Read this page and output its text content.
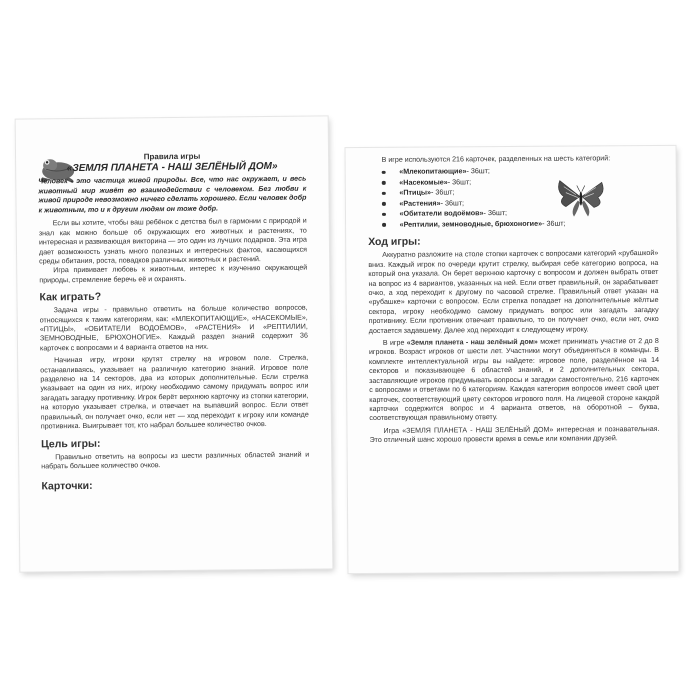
Правила игры
«ЗЕМЛЯ ПЛАНЕТА - НАШ ЗЕЛЁНЫЙ ДОМ»

Человек - это частица живой природы. Все, что нас окружает, и весь животный мир живёт во взаимодействии с человеком. Без любви к живой природе невозможно ничего сделать хорошего. Если человек добр к животным, то и к другим людям он тоже добр.

Если вы хотите, чтобы ваш ребёнок с детства был в гармонии с природой и знал как можно больше об окружающих его животных и растениях, то интересная и развивающая викторина — это один из лучших подарков. Эта игра дает возможность узнать много полезных и интересных фактов, касающихся среды обитания, роста, повадков различных животных и растений.

Игра прививает любовь к животным, интерес к изучению окружающей природы, стремление беречь её и охранять.

Как играть?

Задача игры - правильно ответить на больше количество вопросов, относящихся к таким категориям, как: «МЛЕКОПИТАЮЩИЕ», «НАСЕКОМЫЕ», «ПТИЦЫ», «ОБИТАТЕЛИ ВОДОЁМОВ», «РАСТЕНИЯ» И «РЕПТИЛИИ, ЗЕМНОВОДНЫЕ, БРЮХОНОГИЕ». Каждый раздел знаний содержит 36 карточек с вопросами и 4 варианта ответов на них.

Начиная игру, игроки крутят стрелку на игровом поле. Стрелка, останавливаясь, указывает на различную категорию знаний. Игровое поле разделено на 14 секторов, два из которых дополнительные. Если стрелка указывает на один из них, игроку необходимо самому придумать вопрос или загадать загадку противнику. Игрок берёт верхнюю карточку из стопки категории, на которую указывает стрелка, и отвечает на выпавший вопрос. Если ответ правильный, он получает очко, если нет — ход переходит к игроку или команде противника. Выигрывает тот, кто набрал большее количество очков.

Цель игры:

Правильно ответить на вопросы из шести различных областей знаний и набрать большее количество очков.

Карточки:

В игре используются 216 карточек, разделенных на шесть категорий:

«Млекопитающие» - 36шт;
«Насекомые» - 36шт;
«Птицы» - 36шт;
«Растения» - 36шт;
«Обитатели водоёмов» - 36шт;
«Рептилии, земноводные, брюхоногие» - 36шт;
Ход игры:

Аккуратно разложите на столе стопки карточек с вопросами категорий «рубашкой» вниз. Каждый игрок по очереди крутит стрелку, выбирая себе категорию вопроса, на который она указала. Он берет верхнюю карточку с вопросом и должен выбрать ответ на вопрос из 4 вариантов, указанных на ней. Если ответ правильный, он зарабатывает очко, а ход переходит к другому по часовой стрелке. Правильный ответ указан на «рубашке» карточки с вопросом. Если стрелка попадает на дополнительные жёлтые сектора, игроку необходимо самому придумать вопрос или загадать загадку противнику. Если противник отвечает правильно, то он получает очко, если нет, очко достается задавшему. Далее ход переходит к следующему игроку.

В игре «Земля планета - наш зелёный дом» может принимать участие от 2 до 8 игроков. Возраст игроков от шести лет. Участники могут объединяться в команды. В комплекте интеллектуальной игры вы найдете: игровое поле, разделённое на 14 секторов и показывающее 6 областей знаний, и 2 дополнительных сектора, заставляющие игроков придумывать вопросы и загадки самостоятельно, 216 карточек с вопросами и ответами по 6 категориям. Каждая категория вопросов имеет свой цвет карточек, соответствующий цвету секторов игрового поля. На лицевой стороне каждой карточки содержится вопрос и 4 варианта ответов, на оборотной – буква, соответствующая правильному ответу.

Игра «ЗЕМЛЯ ПЛАНЕТА - НАШ ЗЕЛЁНЫЙ ДОМ» интересная и познавательная. Это отличный шанс хорошо провести время в семье или компании друзей.
